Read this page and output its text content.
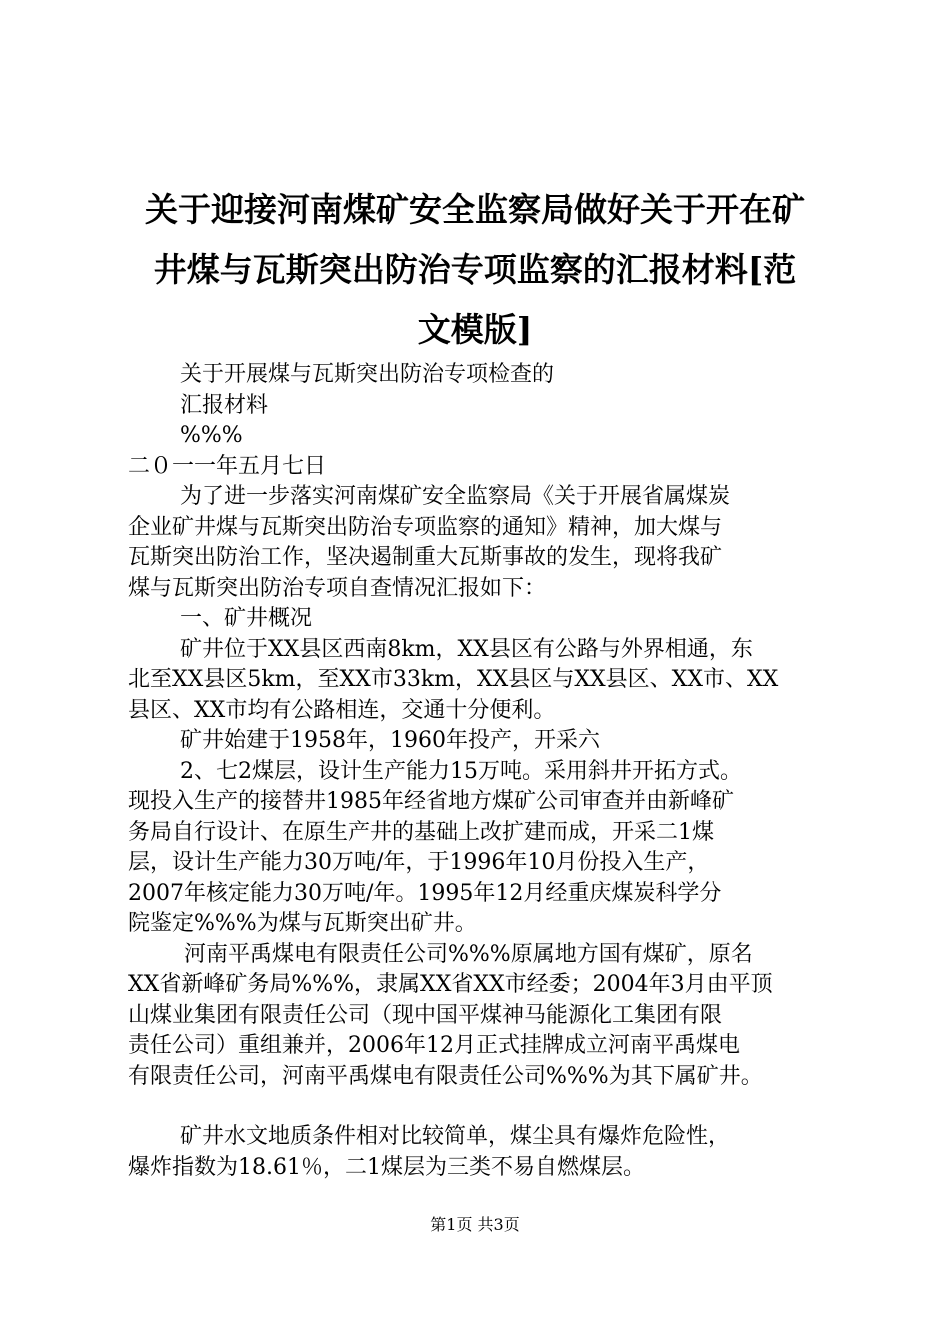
关于迎接河南煤矿安全监察局做好关于开在矿
井煤与瓦斯突出防治专项监察的汇报材料[范
文模版]

关于开展煤与瓦斯突出防治专项检查的

汇报材料

%%%

二０一一年五月七日

为了进一步落实河南煤矿安全监察局《关于开展省属煤炭

企业矿井煤与瓦斯突出防治专项监察的通知》精神，加大煤与

瓦斯突出防治工作，坚决遏制重大瓦斯事故的发生，现将我矿

煤与瓦斯突出防治专项自查情况汇报如下：

一、矿井概况

矿井位于XX县区西南8km，XX县区有公路与外界相通，东

北至XX县区5km，至XX市33km，XX县区与XX县区、XX市、XX

县区、XX市均有公路相连，交通十分便利。

矿井始建于1958年，1960年投产，开采六

2、七2煤层，设计生产能力15万吨。采用斜井开拓方式。

现投入生产的接替井1985年经省地方煤矿公司审查并由新峰矿

务局自行设计、在原生产井的基础上改扩建而成，开采二1煤

层，设计生产能力30万吨/年，于1996年10月份投入生产，

2007年核定能力30万吨/年。1995年12月经重庆煤炭科学分

院鉴定%%%为煤与瓦斯突出矿井。

河南平禹煤电有限责任公司%%%原属地方国有煤矿，原名

XX省新峰矿务局%%%，隶属XX省XX市经委；2004年3月由平顶

山煤业集团有限责任公司（现中国平煤神马能源化工集团有限

责任公司）重组兼并，2006年12月正式挂牌成立河南平禹煤电

有限责任公司，河南平禹煤电有限责任公司%%%为其下属矿井。

矿井水文地质条件相对比较简单，煤尘具有爆炸危险性，

爆炸指数为18.61％，二1煤层为三类不易自燃煤层。

第1页 共3页
